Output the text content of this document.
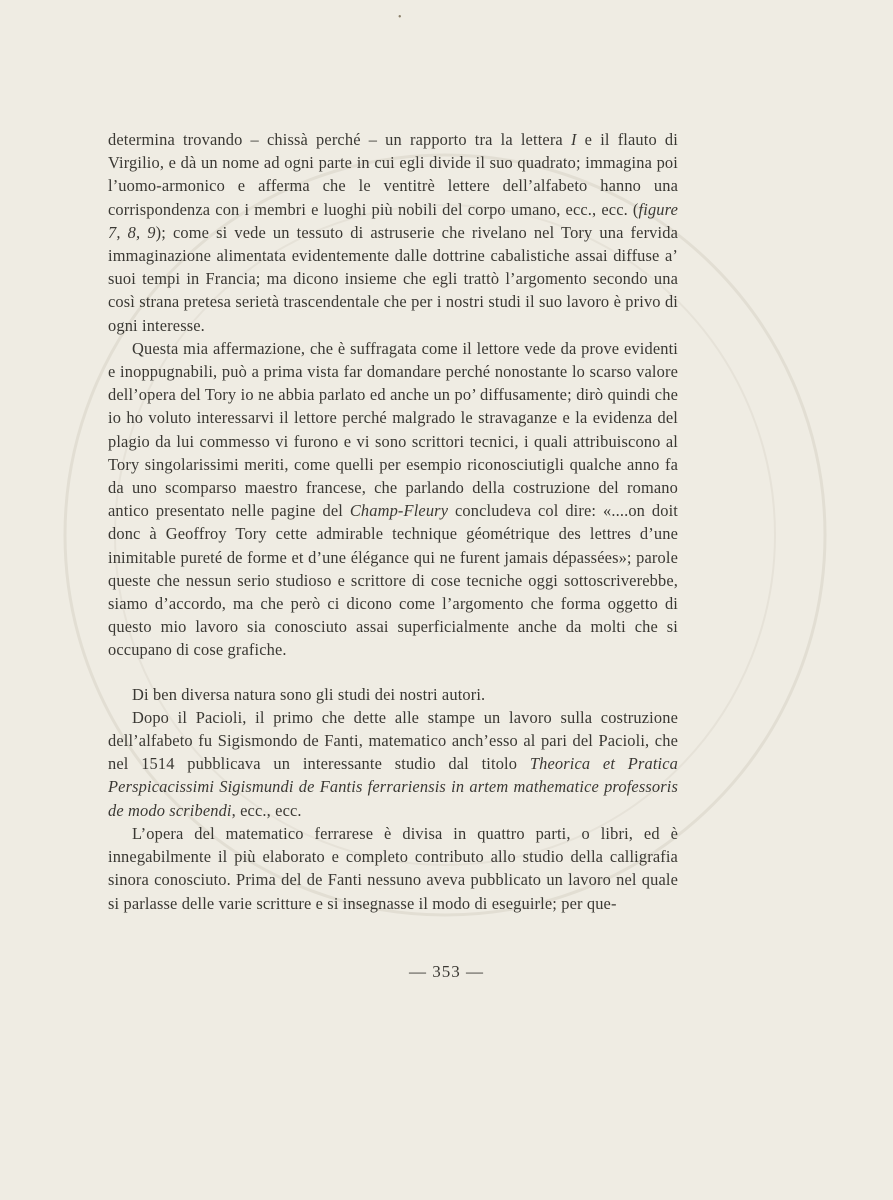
•

determina trovando – chissà perché – un rapporto tra la lettera I e il flauto di Virgilio, e dà un nome ad ogni parte in cui egli divide il suo quadrato; immagina poi l’uomo-armonico e afferma che le ventitrè lettere dell’alfabeto hanno una corrispondenza con i membri e luoghi più nobili del corpo umano, ecc., ecc. (figure 7, 8, 9); come si vede un tessuto di astruserie che rivelano nel Tory una fervida immaginazione alimentata evidentemente dalle dottrine cabalistiche assai diffuse a’ suoi tempi in Francia; ma dicono insieme che egli trattò l’argomento secondo una così strana pretesa serietà trascendentale che per i nostri studi il suo lavoro è privo di ogni interesse.

Questa mia affermazione, che è suffragata come il lettore vede da prove evidenti e inoppugnabili, può a prima vista far domandare perché nonostante lo scarso valore dell’opera del Tory io ne abbia parlato ed anche un po’ diffusamente; dirò quindi che io ho voluto interessarvi il lettore perché malgrado le stravaganze e la evidenza del plagio da lui commesso vi furono e vi sono scrittori tecnici, i quali attribuiscono al Tory singolarissimi meriti, come quelli per esempio riconosciutigli qualche anno fa da uno scomparso maestro francese, che parlando della costruzione del romano antico presentato nelle pagine del Champ-Fleury concludeva col dire: «....on doit donc à Geoffroy Tory cette admirable technique géométrique des lettres d’une inimitable pureté de forme et d’une élégance qui ne furent jamais dépassées»; parole queste che nessun serio studioso e scrittore di cose tecniche oggi sottoscriverebbe, siamo d’accordo, ma che però ci dicono come l’argomento che forma oggetto di questo mio lavoro sia conosciuto assai superficialmente anche da molti che si occupano di cose grafiche.

Di ben diversa natura sono gli studi dei nostri autori.

Dopo il Pacioli, il primo che dette alle stampe un lavoro sulla costruzione dell’alfabeto fu Sigismondo de Fanti, matematico anch’esso al pari del Pacioli, che nel 1514 pubblicava un interessante studio dal titolo Theorica et Pratica Perspicacissimi Sigismundi de Fantis ferrariensis in artem mathematice professoris de modo scribendi, ecc., ecc.

L’opera del matematico ferrarese è divisa in quattro parti, o libri, ed è innegabilmente il più elaborato e completo contributo allo studio della calligrafia sinora conosciuto. Prima del de Fanti nessuno aveva pubblicato un lavoro nel quale si parlasse delle varie scritture e si insegnasse il modo di eseguirle; per que-

— 353 —
